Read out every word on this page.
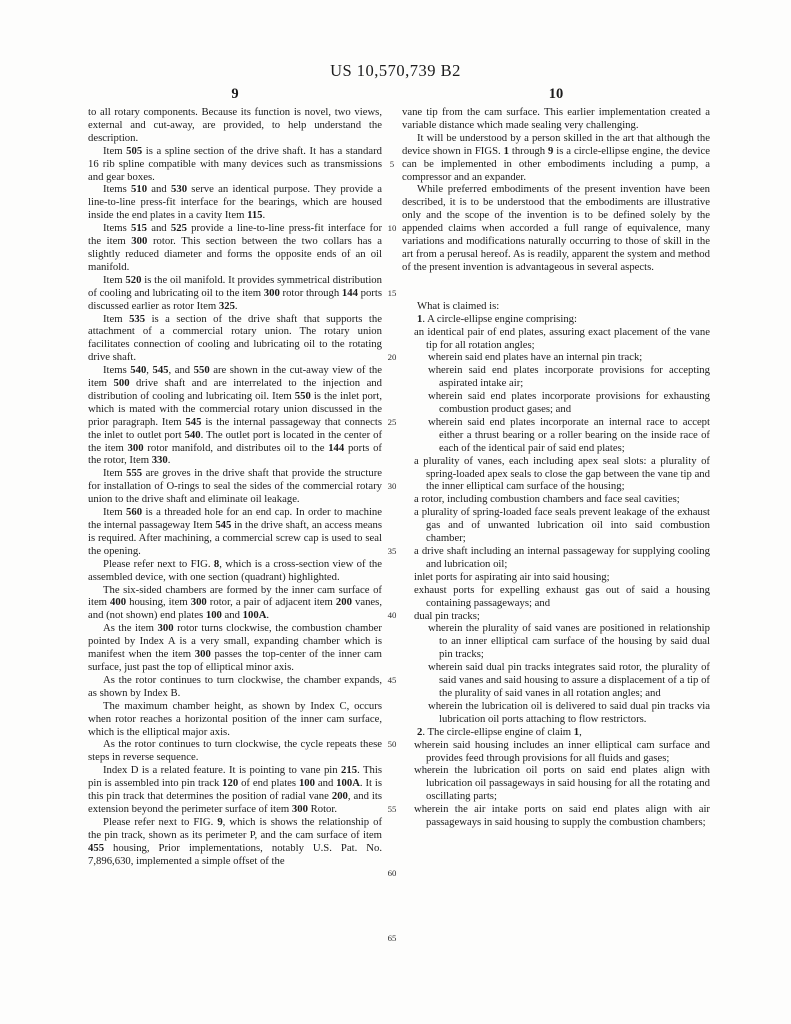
US 10,570,739 B2
9	10

to all rotary components. Because its function is novel, two views, external and cut-away, are provided, to help understand the description.

Item 505 is a spline section of the drive shaft. It has a standard 16 rib spline compatible with many devices such as transmissions and gear boxes.

Items 510 and 530 serve an identical purpose. They provide a line-to-line press-fit interface for the bearings, which are housed inside the end plates in a cavity Item 115.

Items 515 and 525 provide a line-to-line press-fit interface for the item 300 rotor. This section between the two collars has a slightly reduced diameter and forms the opposite ends of an oil manifold.

Item 520 is the oil manifold. It provides symmetrical distribution of cooling and lubricating oil to the item 300 rotor through 144 ports discussed earlier as rotor Item 325.

Item 535 is a section of the drive shaft that supports the attachment of a commercial rotary union. The rotary union facilitates connection of cooling and lubricating oil to the rotating drive shaft.

Items 540, 545, and 550 are shown in the cut-away view of the item 500 drive shaft and are interrelated to the injection and distribution of cooling and lubricating oil. Item 550 is the inlet port, which is mated with the commercial rotary union discussed in the prior paragraph. Item 545 is the internal passageway that connects the inlet to outlet port 540. The outlet port is located in the center of the item 300 rotor manifold, and distributes oil to the 144 ports of the rotor, Item 330.

Item 555 are groves in the drive shaft that provide the structure for installation of O-rings to seal the sides of the commercial rotary union to the drive shaft and eliminate oil leakage.

Item 560 is a threaded hole for an end cap. In order to machine the internal passageway Item 545 in the drive shaft, an access means is required. After machining, a commercial screw cap is used to seal the opening.

Please refer next to FIG. 8, which is a cross-section view of the assembled device, with one section (quadrant) highlighted.

The six-sided chambers are formed by the inner cam surface of item 400 housing, item 300 rotor, a pair of adjacent item 200 vanes, and (not shown) end plates 100 and 100A.

As the item 300 rotor turns clockwise, the combustion chamber pointed by Index A is a very small, expanding chamber which is manifest when the item 300 passes the top-center of the inner cam surface, just past the top of elliptical minor axis.

As the rotor continues to turn clockwise, the chamber expands, as shown by Index B.

The maximum chamber height, as shown by Index C, occurs when rotor reaches a horizontal position of the inner cam surface, which is the elliptical major axis.

As the rotor continues to turn clockwise, the cycle repeats these steps in reverse sequence.

Index D is a related feature. It is pointing to vane pin 215. This pin is assembled into pin track 120 of end plates 100 and 100A. It is this pin track that determines the position of radial vane 200, and its extension beyond the perimeter surface of item 300 Rotor.

Please refer next to FIG. 9, which is shows the relationship of the pin track, shown as its perimeter P, and the cam surface of item 455 housing, Prior implementations, notably U.S. Pat. No. 7,896,630, implemented a simple offset of the

5
10
15
20
25
30
35
40
45
50
55
60
65

vane tip from the cam surface. This earlier implementation created a variable distance which made sealing very challenging.

It will be understood by a person skilled in the art that although the device shown in FIGS. 1 through 9 is a circle-ellipse engine, the device can be implemented in other embodiments including a pump, a compressor and an expander.

While preferred embodiments of the present invention have been described, it is to be understood that the embodiments are illustrative only and the scope of the invention is to be defined solely by the appended claims when accorded a full range of equivalence, many variations and modifications naturally occurring to those of skill in the art from a perusal hereof. As is readily, apparent the system and method of the present invention is advantageous in several aspects.

What is claimed is:

1. A circle-ellipse engine comprising:

an identical pair of end plates, assuring exact placement of the vane tip for all rotation angles;

wherein said end plates have an internal pin track;

wherein said end plates incorporate provisions for accepting aspirated intake air;

wherein said end plates incorporate provisions for exhausting combustion product gases; and

wherein said end plates incorporate an internal race to accept either a thrust bearing or a roller bearing on the inside race of each of the identical pair of said end plates;

a plurality of vanes, each including apex seal slots: a plurality of spring-loaded apex seals to close the gap between the vane tip and the inner elliptical cam surface of the housing;

a rotor, including combustion chambers and face seal cavities;

a plurality of spring-loaded face seals prevent leakage of the exhaust gas and of unwanted lubrication oil into said combustion chamber;

a drive shaft including an internal passageway for supplying cooling and lubrication oil;

inlet ports for aspirating air into said housing;

exhaust ports for expelling exhaust gas out of said a housing containing passageways; and

dual pin tracks;

wherein the plurality of said vanes are positioned in relationship to an inner elliptical cam surface of the housing by said dual pin tracks;

wherein said dual pin tracks integrates said rotor, the plurality of said vanes and said housing to assure a displacement of a tip of the plurality of said vanes in all rotation angles; and

wherein the lubrication oil is delivered to said dual pin tracks via lubrication oil ports attaching to flow restrictors.

2. The circle-ellipse engine of claim 1,

wherein said housing includes an inner elliptical cam surface and provides feed through provisions for all fluids and gases;

wherein the lubrication oil ports on said end plates align with lubrication oil passageways in said housing for all the rotating and oscillating parts;

wherein the air intake ports on said end plates align with air passageways in said housing to supply the combustion chambers;
